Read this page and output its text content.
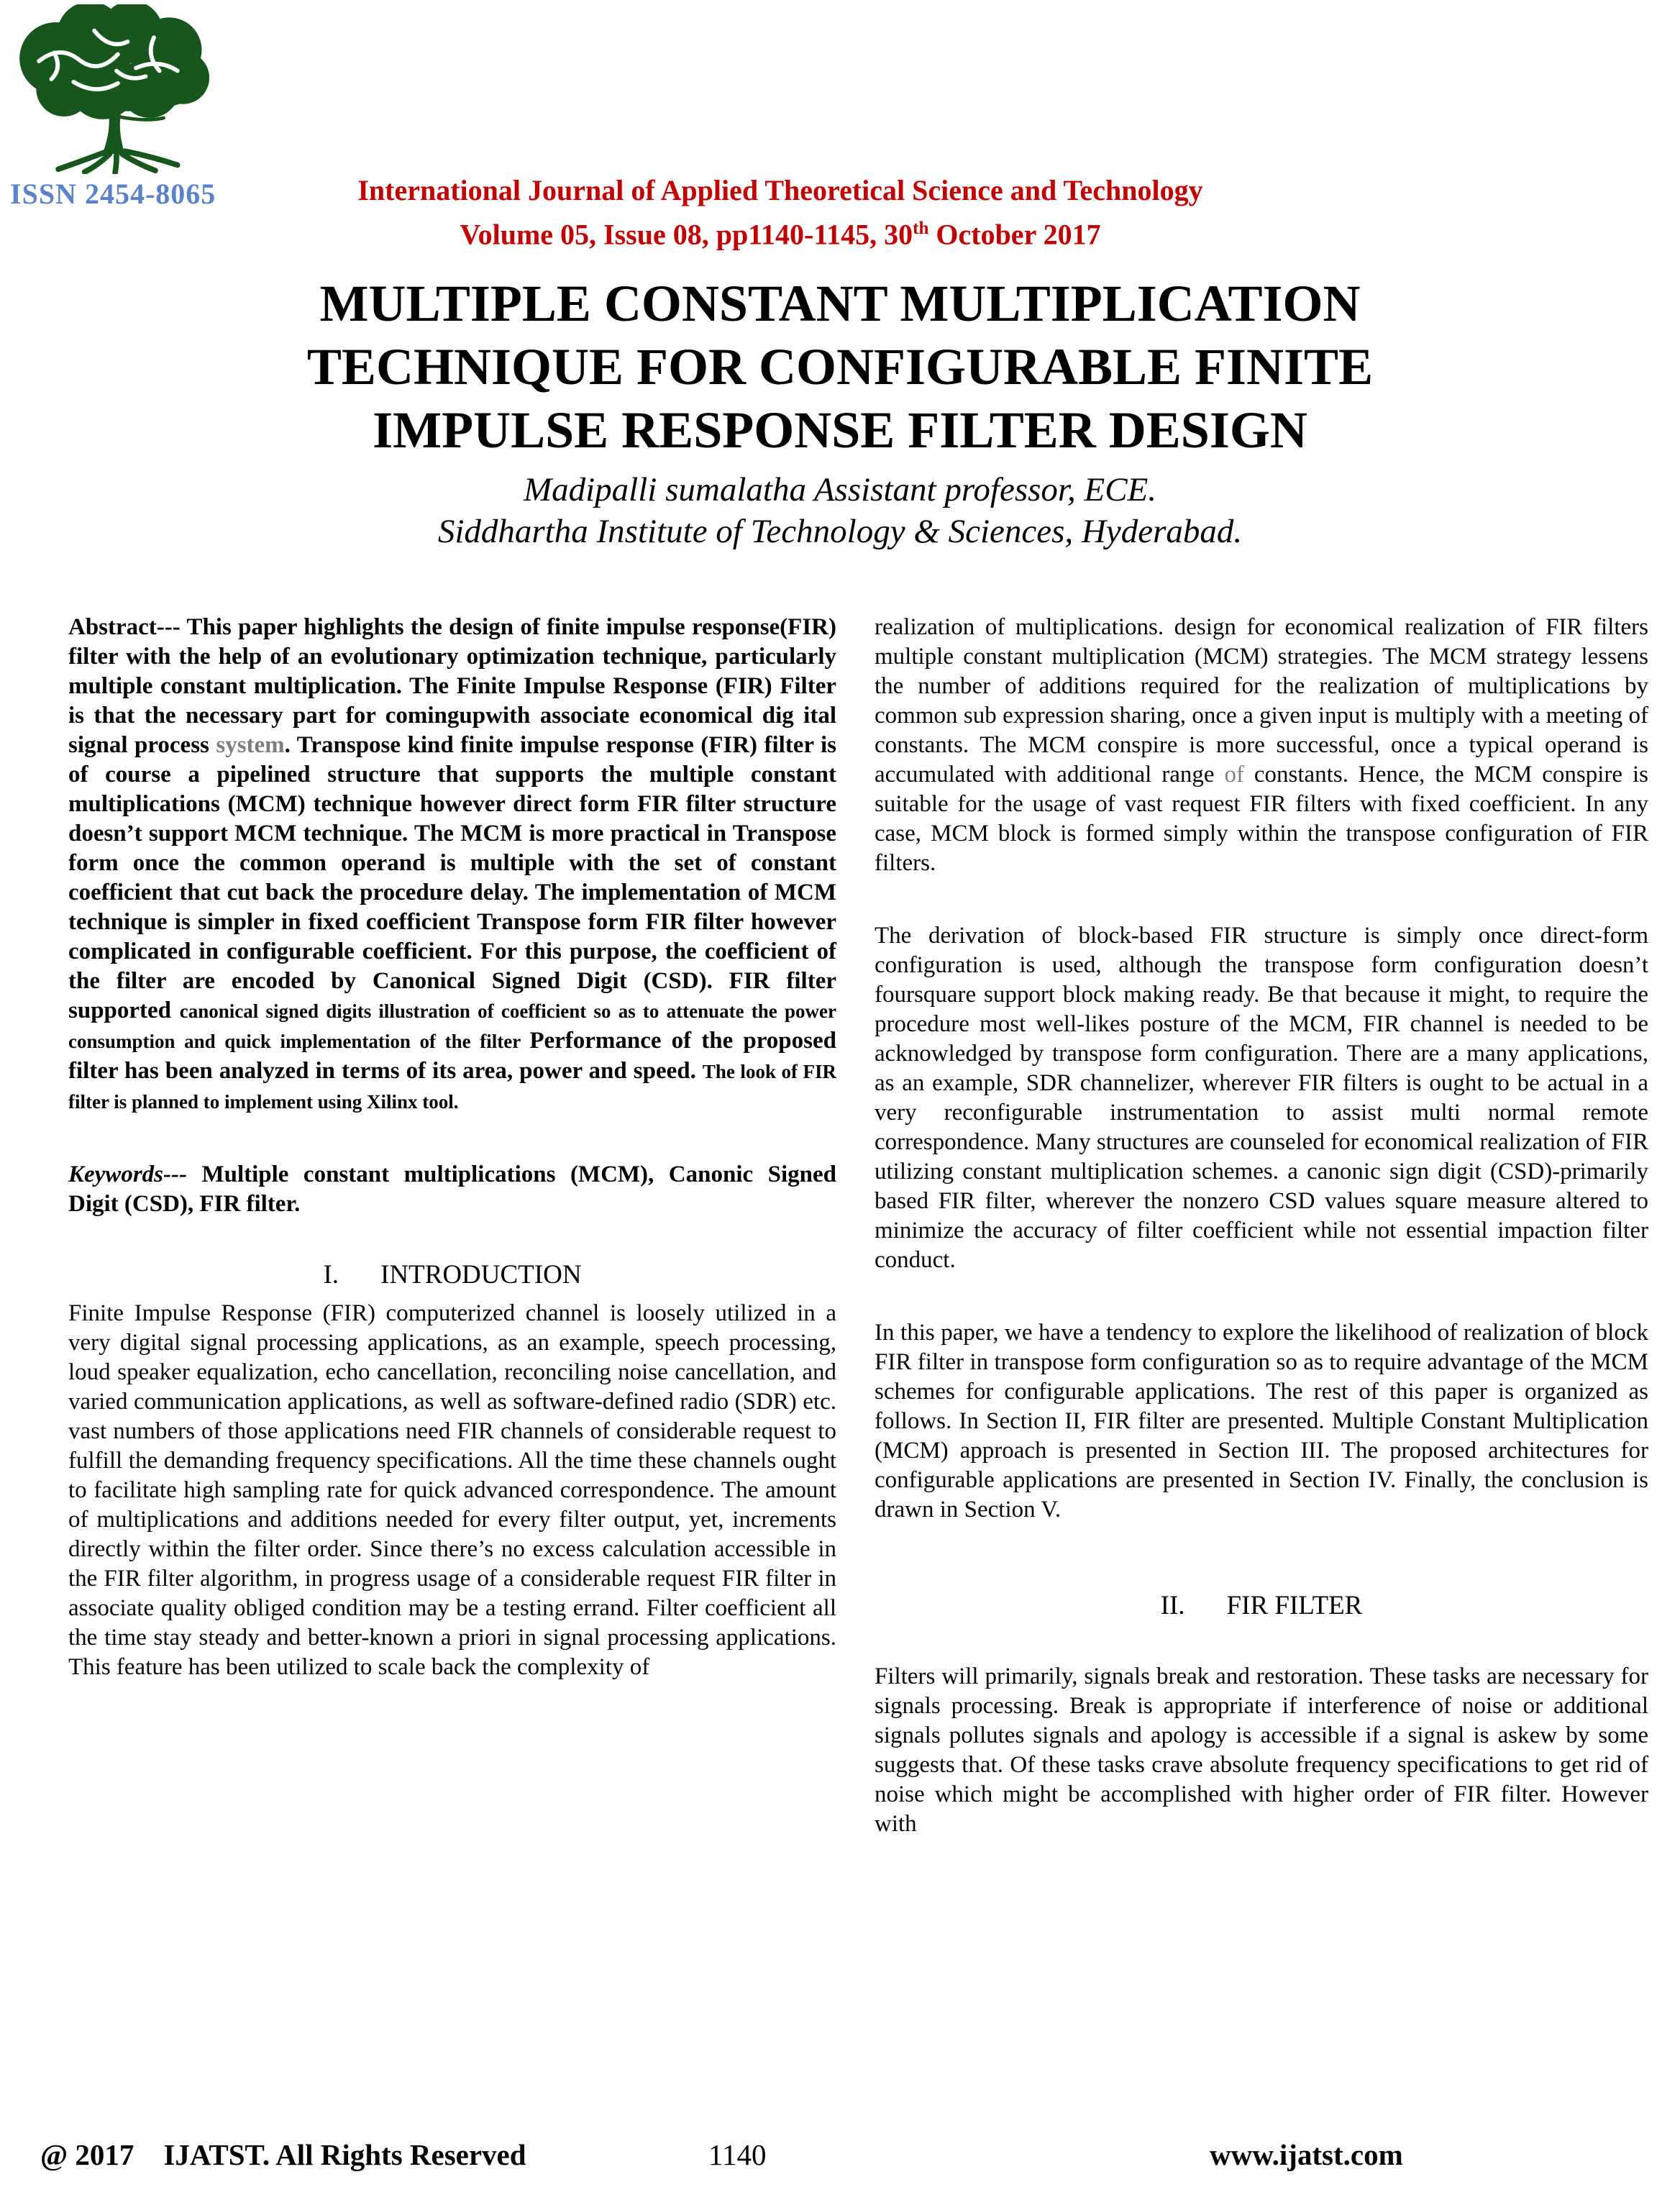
ISSN 2454-8065	International Journal of Applied Theoretical Science and Technology
Volume 05, Issue 08, pp1140-1145, 30th October 2017
MULTIPLE CONSTANT MULTIPLICATION
TECHNIQUE FOR CONFIGURABLE FINITE
IMPULSE RESPONSE FILTER DESIGN
Madipalli sumalatha Assistant professor, ECE.
Siddhartha Institute of Technology & Sciences, Hyderabad.

Abstract--- This paper highlights the design of finite impulse response(FIR) filter with the help of an evolutionary optimization technique, particularly multiple constant multiplication. The Finite Impulse Response (FIR) Filter is that the necessary part for comingupwith associate economical dig ital signal process system. Transpose kind finite impulse response (FIR) filter is of course a pipelined structure that supports the multiple constant multiplications (MCM) technique however direct form FIR filter structure doesn’t support MCM technique. The MCM is more practical in Transpose form once the common operand is multiple with the set of constant coefficient that cut back the procedure delay. The implementation of MCM technique is simpler in fixed coefficient Transpose form FIR filter however complicated in configurable coefficient. For this purpose, the coefficient of the filter are encoded by Canonical Signed Digit (CSD). FIR filter supported canonical signed digits illustration of coefficient so as to attenuate the power consumption and quick implementation of the filter Performance of the proposed filter has been analyzed in terms of its area, power and speed. The look of FIR filter is planned to implement using Xilinx tool.

Keywords--- Multiple constant multiplications (MCM), Canonic Signed Digit (CSD), FIR filter.

I. INTRODUCTION

Finite Impulse Response (FIR) computerized channel is loosely utilized in a very digital signal processing applications, as an example, speech processing, loud speaker equalization, echo cancellation, reconciling noise cancellation, and varied communication applications, as well as software-defined radio (SDR) etc. vast numbers of those applications need FIR channels of considerable request to fulfill the demanding frequency specifications. All the time these channels ought to facilitate high sampling rate for quick advanced correspondence. The amount of multiplications and additions needed for every filter output, yet, increments directly within the filter order. Since there’s no excess calculation accessible in the FIR filter algorithm, in progress usage of a considerable request FIR filter in associate quality obliged condition may be a testing errand. Filter coefficient all the time stay steady and better-known a priori in signal processing applications. This feature has been utilized to scale back the complexity of

realization of multiplications. design for economical realization of FIR filters multiple constant multiplication (MCM) strategies. The MCM strategy lessens the number of additions required for the realization of multiplications by common sub expression sharing, once a given input is multiply with a meeting of constants. The MCM conspire is more successful, once a typical operand is accumulated with additional range of constants. Hence, the MCM conspire is suitable for the usage of vast request FIR filters with fixed coefficient. In any case, MCM block is formed simply within the transpose configuration of FIR filters.

The derivation of block-based FIR structure is simply once direct-form configuration is used, although the transpose form configuration doesn’t foursquare support block making ready. Be that because it might, to require the procedure most well-likes posture of the MCM, FIR channel is needed to be acknowledged by transpose form configuration. There are a many applications, as an example, SDR channelizer, wherever FIR filters is ought to be actual in a very reconfigurable instrumentation to assist multi normal remote correspondence. Many structures are counseled for economical realization of FIR utilizing constant multiplication schemes. a canonic sign digit (CSD)-primarily based FIR filter, wherever the nonzero CSD values square measure altered to minimize the accuracy of filter coefficient while not essential impaction filter conduct.

In this paper, we have a tendency to explore the likelihood of realization of block FIR filter in transpose form configuration so as to require advantage of the MCM schemes for configurable applications. The rest of this paper is organized as follows. In Section II, FIR filter are presented. Multiple Constant Multiplication (MCM) approach is presented in Section III. The proposed architectures for configurable applications are presented in Section IV. Finally, the conclusion is drawn in Section V.

II. FIR FILTER

Filters will primarily, signals break and restoration. These tasks are necessary for signals processing. Break is appropriate if interference of noise or additional signals pollutes signals and apology is accessible if a signal is askew by some suggests that. Of these tasks crave absolute frequency specifications to get rid of noise which might be accomplished with higher order of FIR filter. However with

@ 2017    IJATST. All Rights Reserved	1140	www.ijatst.com
